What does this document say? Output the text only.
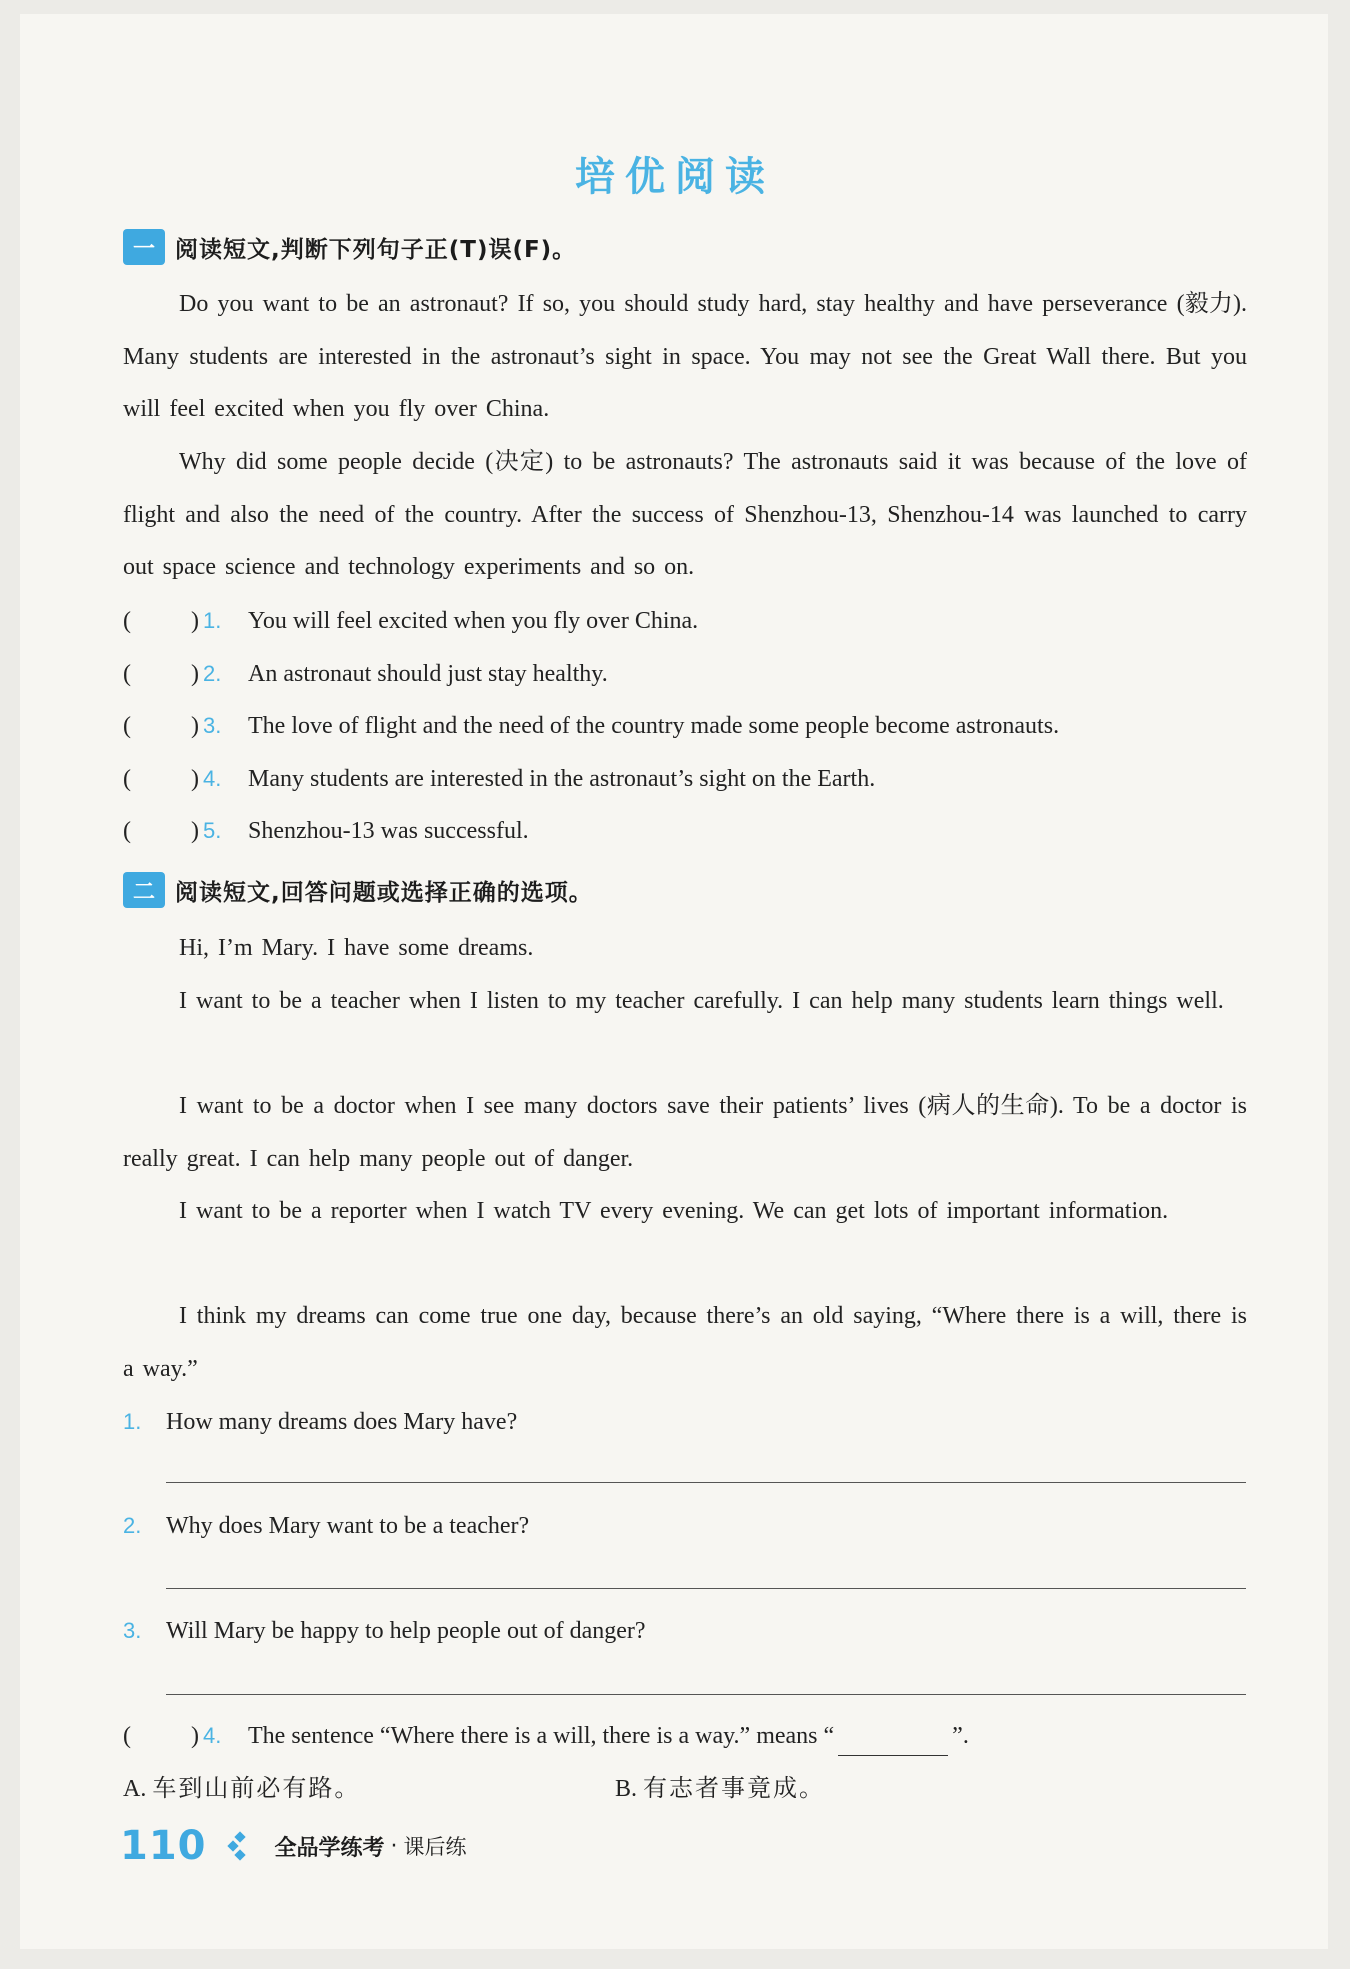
培优阅读
一 阅读短文,判断下列句子正(T)误(F)。
Do you want to be an astronaut? If so, you should study hard, stay healthy and have perseverance (毅力). Many students are interested in the astronaut’s sight in space. You may not see the Great Wall there. But you will feel excited when you fly over China.
Why did some people decide (决定) to be astronauts? The astronauts said it was because of the love of flight and also the need of the country. After the success of Shenzhou-13, Shenzhou-14 was launched to carry out space science and technology experiments and so on.
(	) 1. You will feel excited when you fly over China.
(	) 2. An astronaut should just stay healthy.
(	) 3. The love of flight and the need of the country made some people become astronauts.
(	) 4. Many students are interested in the astronaut’s sight on the Earth.
(	) 5. Shenzhou-13 was successful.
二 阅读短文,回答问题或选择正确的选项。
Hi, I’m Mary. I have some dreams.
I want to be a teacher when I listen to my teacher carefully. I can help many students learn things well.
I want to be a doctor when I see many doctors save their patients’ lives (病人的生命). To be a doctor is really great. I can help many people out of danger.
I want to be a reporter when I watch TV every evening. We can get lots of important information.
I think my dreams can come true one day, because there’s an old saying, “Where there is a will, there is a way.”
1. How many dreams does Mary have?
2. Why does Mary want to be a teacher?
3. Will Mary be happy to help people out of danger?
(	) 4. The sentence “Where there is a will, there is a way.” means “	”.
A. 车到山前必有路。	B. 有志者事竟成。
110	全品学练考 · 课后练
